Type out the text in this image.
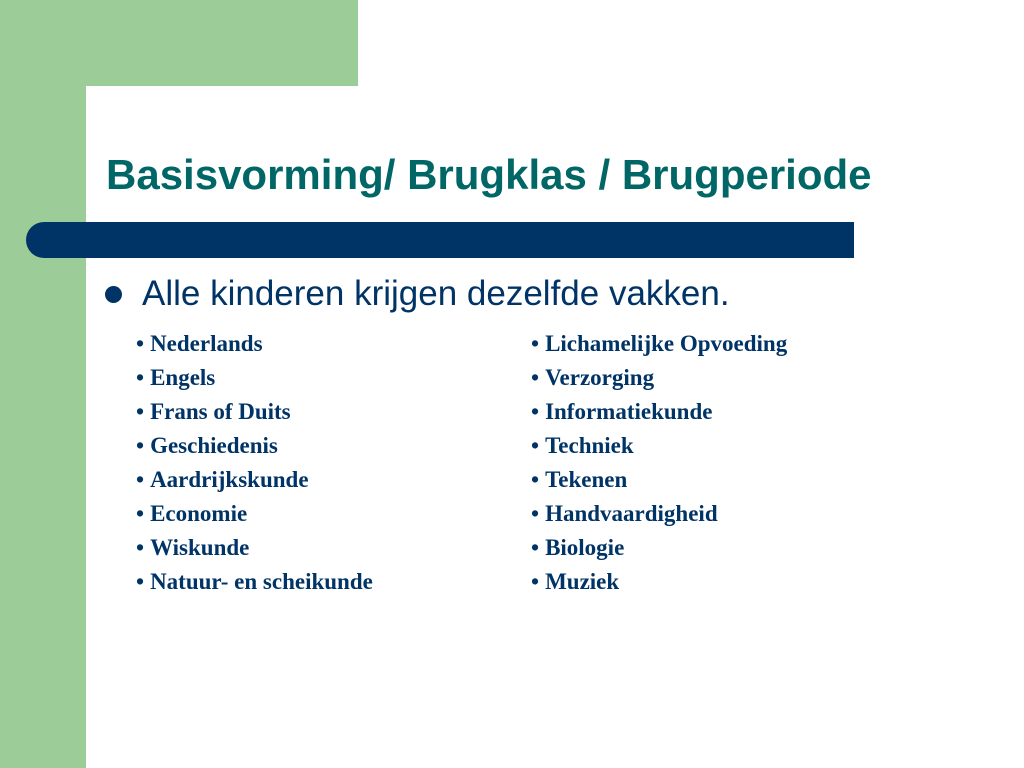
Basisvorming/ Brugklas / Brugperiode
Alle kinderen krijgen dezelfde vakken.
• Nederlands
• Engels
• Frans of Duits
• Geschiedenis
• Aardrijkskunde
• Economie
• Wiskunde
• Natuur- en scheikunde
• Lichamelijke Opvoeding
• Verzorging
• Informatiekunde
• Techniek
• Tekenen
• Handvaardigheid
• Biologie
• Muziek
